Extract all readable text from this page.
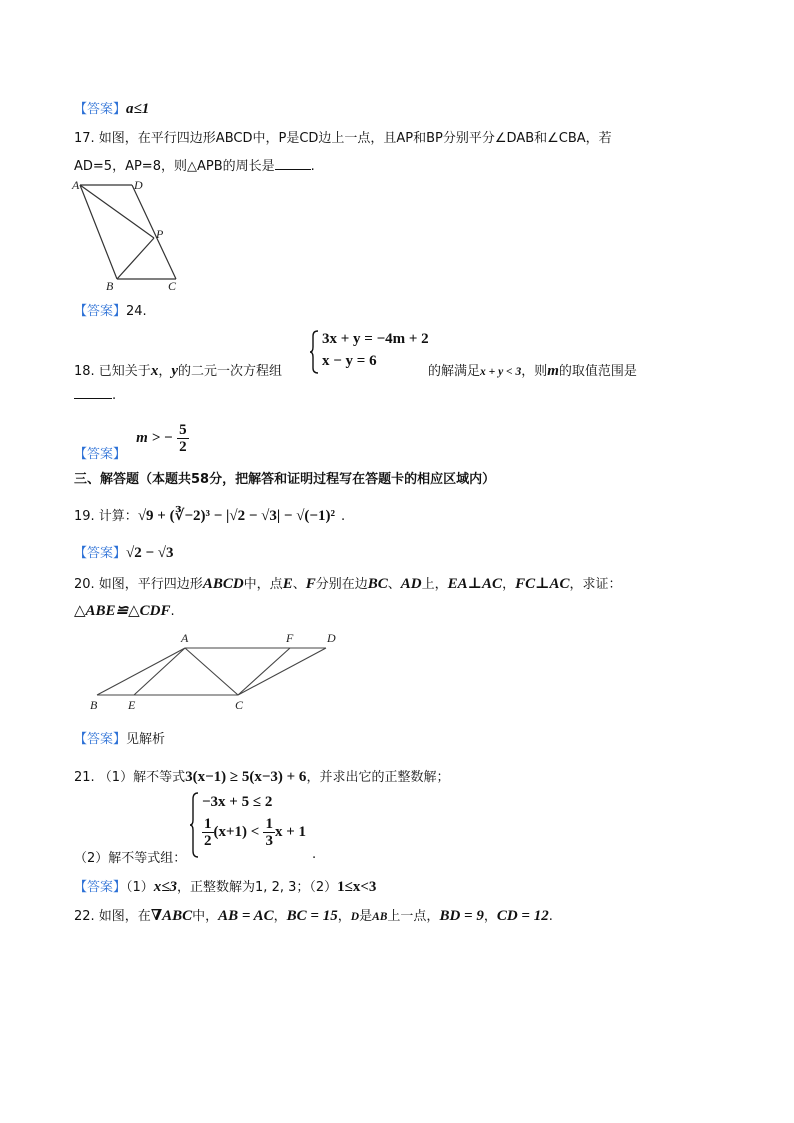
【答案】a≤1
17. 如图，在平行四边形ABCD中，P是CD边上一点，且AP和BP分别平分∠DAB和∠CBA，若
AD=5，AP=8，则△APB的周长是	.
A	D
P
B	C
【答案】24.
3x + y = −4m + 2
x − y = 6
18. 已知关于x，y的二元一次方程组	的解满足x + y < 3，则m的取值范围是
.
【答案】 m > − $\frac{5}{2}$
三、解答题（本题共58分，把解答和证明过程写在答题卡的相应区域内）
19. 计算：√9 + (∛−2)³ − |√2 − √3| − √(−1)² .
【答案】√2 − √3
20. 如图，平行四边形ABCD中，点E、F分别在边BC、AD上，EA⊥AC，FC⊥AC，求证：
△ABE≌△CDF.
A	F	D
B	E	C
【答案】见解析
21. （1）解不等式3(x−1) ≥ 5(x−3) + 6，并求出它的正整数解；
−3x + 5 ≤ 2
$\frac{1}{2} (x+1) < \frac{1}{3}$ x + 1
（2）解不等式组：	.
【答案】（1）x≤3，正整数解为1, 2, 3；（2）1≤x<3
22. 如图，在∇ABC中，AB = AC，BC = 15，D是AB上一点，BD = 9，CD = 12.
